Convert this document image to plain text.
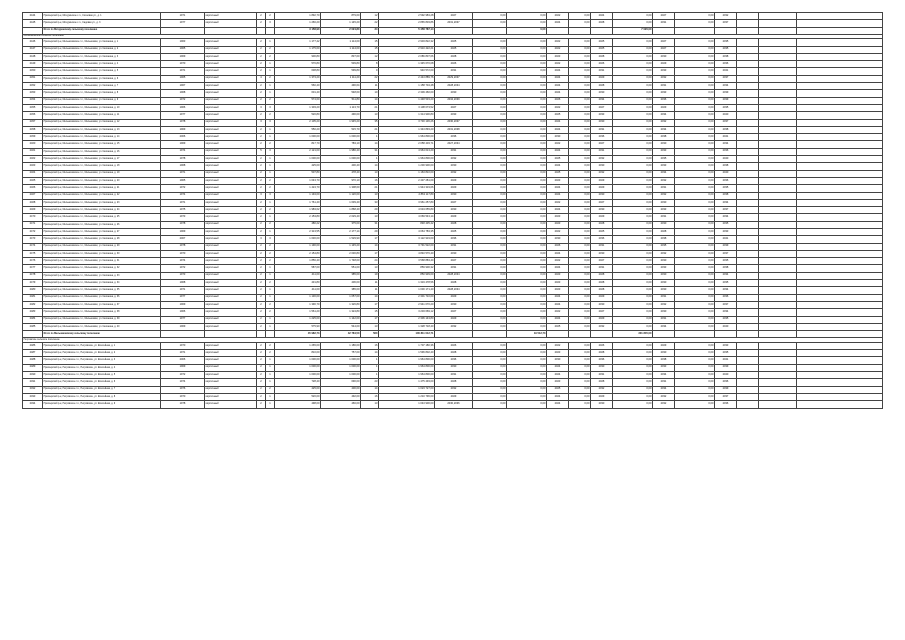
2444	Приозерский р-н, Мичуринское с.п., Сосновая ул., д. 1	1971	кирпичный	2	2	1 892,70	879,60	12	2 592 983,28	2027	0,00	0,00	2022	0,00	2024	0,00	2027	0,00	2032			
2445	Приозерский р-н, Мичуринское с.п., Садовая ул., д. 3	1977	кирпичный	2	3	1 266,20	1 145,20	22	2 865 803,86	2031,2037	0,00	0,00	2024	0,00	2028	0,00	2031	0,00	2037			
	Итого по Мичуринскому сельскому поселению					3 158,90	2 024,80	34	5 458 787,14			0,00				7 020,00						
Мельниковское сельское поселение																						
2446	Приозерский р-н, Мельниковское с.п., Мельниково, ул. Калинина, д. 1	1963	кирпичный	2	1	1 177,42	1 114,00	15	2 903 822,32	2025	0,00	0,00	2022	0,00	2025	0,00	2027	0,00	2035			
2447	Приозерский р-н, Мельниковское с.п., Мельниково, ул. Калинина, д. 2	1965	кирпичный	2	2	1 175,60	1 114,00	15	2 910 422,21	2025	0,00	0,00	2022	0,00	2025	0,00	2027	0,00	2035			
2448	Приозерский р-н, Мельниковское с.п., Мельниково, ул. Калинина, д. 3	1969	кирпичный	2	2	900,80	837,60	12	2 086 807,66	2028	0,00	0,00	2023	0,00	2028	0,00	2030	0,00	2038			
2449	Приозерский р-н, Мельниковское с.п., Мельниково, ул. Калинина, д. 4	1970	кирпичный	2	1	576,80	539,80	8	1 345 670,08	2026	0,00	0,00	2022	0,00	2026	0,00	2029	0,00	2036			
2450	Приозерский р-н, Мельниковское с.п., Мельниково, ул. Калинина, д. 5	1971	кирпичный	2	1	638,80	599,80	9	940 572,00	2031	0,00	0,00	2024	0,00	2031	0,00	2033	0,00	2041			
2451	Приозерский р-н, Мельниковское с.п., Мельниково, ул. Калинина, д. 6	1965	кирпичный	4	2	1 373,20	1 111,20	22	2 443 889,76	2029,2037	0,00	0,00	2024	0,00	2029	0,00	2032	0,00	2037			
2452	Приозерский р-н, Мельниковское с.п., Мельниково, ул. Калинина, д. 7	1967	кирпичный	2	1	560,40	490,64	11	1 158 704,48	2028,2034	0,00	0,00	2024	0,00	2028	0,00	2031	0,00	2034			
2453	Приозерский р-н, Мельниковское с.п., Мельниково, ул. Калинина, д. 8	1968	кирпичный	2	1	601,40	548,60	10	2 309 460,00	2030	0,00	0,00	2024	0,00	2030	0,00	2033	0,00	2039			
2454	Приозерский р-н, Мельниковское с.п., Мельниково, ул. Калинина, д. 9	1972	кирпичный	2	2	574,60	511,80	14	1 448 533,20	2034,2039	0,00	0,00	2026	0,00	2034	0,00	2036	0,00	2039			
2455	Приозерский р-н, Мельниковское с.п., Мельниково, ул. Калинина, д. 10	1966	кирпичный	3	3	1 303,20	1 113,70	21	3 108 073,52	2027	0,00	0,00	2022	0,00	2027	0,00	2029	0,00	2035			
2456	Приозерский р-н, Мельниковское с.п., Мельниково, ул. Калинина, д. 11	1977	кирпичный	2	2	520,80	490,00	13	1 314 900,80	2033	0,00	0,00	2025	0,00	2033	0,00	2034	0,00	2040			
2457	Приозерский р-н, Мельниковское с.п., Мельниково, ул. Калинина, д. 12	1978	кирпичный	3	3	2 105,20	1 945,20	35	3 730 136,26	2030,2037	0,00	0,00	2024	0,00	2030	0,00	2032	0,00	2037			
2458	Приозерский р-н, Мельниковское с.п., Мельниково, ул. Калинина, д. 13	1969	кирпичный	2	1	550,20	515,70	21	1 343 893,20	2031,2038	0,00	0,00	2024	0,00	2031	0,00	2034	0,00	2038			
2459	Приозерский р-н, Мельниковское с.п., Мельниково, ул. Калинина, д. 14	2006	кирпичный	2	1	1 000,00	1 000,00	1	1 964 800,00	2036	0,00	0,00	2030	0,00	2036	0,00	2038	0,00	2041			
2460	Приозерский р-н, Мельниковское с.п., Мельниково, ул. Калинина, д. 15	1969	кирпичный	2	2	817,70	783,10	14	2 058 403,71	2027,2034	0,00	0,00	2022	0,00	2027	0,00	2030	0,00	2034			
2461	Приозерский р-н, Мельниковское с.п., Мельниково, ул. Калинина, д. 16	1974	кирпичный	5	3	2 121,00	1 986,40	31	4 964 613,20	2031	0,00	0,00	2024	0,00	2031	0,00	2033	0,00	2036			
2462	Приозерский р-н, Мельниковское с.п., Мельниково, ул. Калинина, д. 17	1978	кирпичный	2	1	1 000,00	1 000,00	1	1 964 800,00	2032	0,00	0,00	2025	0,00	2032	0,00	2035	0,00	2040			
2463	Приозерский р-н, Мельниковское с.п., Мельниково, ул. Калинина, д. 18	1968	кирпичный	2	1	425,00	400,40	14	1 200 900,00	2030	0,00	0,00	2024	0,00	2030	0,00	2033	0,00	2038			
2464	Приозерский р-н, Мельниковское с.п., Мельниково, ул. Калинина, д. 19	1971	кирпичный	2	1	507,80	478,40	13	1 163 810,00	2032	0,00	0,00	2025	0,00	2032	0,00	2034	0,00	2040			
2465	Приозерский р-н, Мельниковское с.п., Мельниково, ул. Калинина, д. 20	1965	кирпичный	2	2	1 043,70	970,10	16	2 437 281,09	2029	0,00	0,00	2023	0,00	2029	0,00	2032	0,00	2036			
2466	Приозерский р-н, Мельниковское с.п., Мельниково, ул. Калинина, д. 21	1972	кирпичный	2	2	1 424,70	1 308,60	21	1 944 319,66	2029	0,00	0,00	2024	0,00	2029	0,00	2031	0,00	2035			
2467	Приозерский р-н, Мельниковское с.п., Мельниково, ул. Калинина, д. 22	1974	кирпичный	3	3	1 194,00	1 120,00	13	2 863 117,80	2030	0,00	0,00	2024	0,00	2030	0,00	2032	0,00	2038			
2468	Приозерский р-н, Мельниковское с.п., Мельниково, ул. Калинина, д. 23	1971	кирпичный	2	1	1 761,40	1 639,40	33	3 961 257,80	2027	0,00	0,00	2022	0,00	2027	0,00	2030	0,00	2034			
2469	Приозерский р-н, Мельниковское с.п., Мельниково, ул. Калинина, д. 24	1975	кирпичный	2	2	1 983,62	1 868,40	29	4 634 655,80	2030	0,00	0,00	2024	0,00	2030	0,00	2033	0,00	2037			
2470	Приозерский р-н, Мельниковское с.п., Мельниково, ул. Калинина, д. 25	1973	кирпичный	2	1	2 153,80	2 029,40	13	4 069 543,14	2029	0,00	0,00	2023	0,00	2029	0,00	2031	0,00	2034			
2471	Приозерский р-н, Мельниковское с.п., Мельниково, ул. Калинина, д. 26	1978	кирпичный	2	2	480,22	375,00	31	848 435,42	2028	0,00	0,00	2023	0,00	2028	0,00	2030	0,00	2035			
2472	Приозерский р-н, Мельниковское с.п., Мельниково, ул. Калинина, д. 27	1969	кирпичный	2	1	2 313,55	2 177,14	29	4 064 783,35	2025	0,00	0,00	2022	0,00	2025	0,00	2028	0,00	2033			
2473	Приозерский р-н, Мельниковское с.п., Мельниково, ул. Калинина, д. 28	2007	кирпичный	3	3	1 630,00	1 529,90	17	3 122 919,00	2036	0,00	0,00	2030	0,00	2036	0,00	2038	0,00	2041			
2474	Приозерский р-н, Мельниковское с.п., Мельниково, ул. Калинина, д. 29	1978	кирпичный	2	2	1 190,00	1 145,20	14	3 791 522,00	2031	0,00	0,00	2026	0,00	2031	0,00	2035	0,00	2039			
2475	Приозерский р-н, Мельниковское с.п., Мельниково, ул. Калинина, д. 30	1970	кирпичный	2	2	2 154,80	2 030,80	17	4 840 576,40	2030	0,00	0,00	2024	0,00	2030	0,00	2032	0,00	2037			
2476	Приозерский р-н, Мельниковское с.п., Мельниково, ул. Калинина, д. 31	1974	кирпичный	2	2	1 856,40	1 748,00	24	3 568 883,40	2027	0,00	0,00	2022	0,00	2027	0,00	2030	0,00	2035			
2477	Приозерский р-н, Мельниковское с.п., Мельниково, ул. Калинина, д. 32	1972	кирпичный	2	1	587,00	551,00	13	859 900,32	2031	0,00	0,00	2024	0,00	2031	0,00	2033	0,00	2038			
2478	Приозерский р-н, Мельниковское с.п., Мельниково, ул. Калинина, д. 33	1973	кирпичный	2	1	411,00	385,00	19	850 939,00	2028,2034	0,00	0,00	2023	0,00	2028	0,00	2030	0,00	2034			
2479	Приозерский р-н, Мельниковское с.п., Мельниково, ул. Калинина, д. 34	1968	кирпичный	2	2	431,80	406,00	11	1 319 478,56	2028	0,00	0,00	2023	0,00	2028	0,00	2030	0,00	2035			
2480	Приозерский р-н, Мельниковское с.п., Мельниково, ул. Калинина, д. 35	1971	кирпичный	2	1	411,00	385,00	11	1 000 171,40	2028,2034	0,00	0,00	2023	0,00	2028	0,00	2030	0,00	2034			
2481	Приозерский р-н, Мельниковское с.п., Мельниково, ул. Калинина, д. 36	1977	кирпичный	2	1	1 130,00	1 057,00	14	2 301 710,00	2029	0,00	0,00	2024	0,00	2029	0,00	2031	0,00	2036			
2482	Приозерский р-н, Мельниковское с.п., Мельниково, ул. Калинина, д. 37	1969	кирпичный	2	2	1 390,70	1 326,80	17	2 941 070,20	2030	0,00	0,00	2024	0,00	2030	0,00	2032	0,00	2037			
2483	Приозерский р-н, Мельниковское с.п., Мельниково, ул. Калинина, д. 38	1966	кирпичный	2	2	1 561,20	1 324,80	15	3 203 669,12	2027	0,00	0,00	2022	0,00	2027	0,00	2030	0,00	2034			
2484	Приозерский р-н, Мельниковское с.п., Мельниково, ул. Калинина, д. 39	1977	кирпичный	2	1	1 225,00	1 142,00	17	2 306 143,80	2029	0,00	0,00	2024	0,00	2029	0,00	2031	0,00	2035			
2485	Приозерский р-н, Мельниковское с.п., Мельниково, ул. Калинина, д. 40	1969	кирпичный	2	1	575,90	544,00	13	1 328 718,40	2032	0,00	0,00	2025	0,00	2032	0,00	2034	0,00	2040			
	Итого по Мельниковскому сельскому поселению					45 982,73	42 784,50	560	100 811 012,71			19 512,73				301 845,00						
Петровское сельское поселение																						
2486	Приозерский р-н, Петровское с.п., Петровское, ул. Шоссейная, д. 1	1970	кирпичный	2	2	1 265,00	1 186,00	16	1 707 180,36	2026	0,00	0,00	2022	0,00	2026	0,00	2029	0,00	2033			
2487	Приозерский р-н, Петровское с.п., Петровское, ул. Шоссейная, д. 2	1971	кирпичный	2	2	810,00	757,00	14	1 596 802,40	2028	0,00	0,00	2023	0,00	2028	0,00	2030	0,00	2035			
2488	Приозерский р-н, Петровское с.п., Петровское, ул. Шоссейная, д. 3	2006	кирпичный	2	1	1 000,00	1 000,00	1	1 964 800,00	2036	0,00	0,00	2030	0,00	2036	0,00	2038	0,00	2041			
2489	Приозерский р-н, Петровское с.п., Петровское, ул. Шоссейная, д. 4	1969	кирпичный	2	1	1 000,00	1 000,00	1	1 964 800,00	2030	0,00	0,00	2024	0,00	2030	0,00	2033	0,00	2039			
2490	Приозерский р-н, Петровское с.п., Петровское, ул. Шоссейная, д. 5	1972	кирпичный	2	1	1 000,00	1 000,00	1	1 964 800,00	2031	0,00	0,00	2024	0,00	2031	0,00	2034	0,00	2040			
2491	Приозерский р-н, Петровское с.п., Петровское, ул. Шоссейная, д. 6	1974	кирпичный	2	1	728,40	690,00	23	1 475 493,00	2028	0,00	0,00	2023	0,00	2028	0,00	2031	0,00	2036			
2492	Приозерский р-н, Петровское с.п., Петровское, ул. Шоссейная, д. 7	1976	кирпичный	2	2	425,00	400,00	14	1 023 727,00	2032	0,00	0,00	2025	0,00	2032	0,00	2034	0,00	2039			
2493	Приозерский р-н, Петровское с.п., Петровское, ул. Шоссейная, д. 8	1970	кирпичный	2	1	520,00	492,00	16	1 210 796,00	2029	0,00	0,00	2024	0,00	2029	0,00	2032	0,00	2037			
2494	Приозерский р-н, Петровское с.п., Петровское, ул. Шоссейная, д. 9	1978	кирпичный	2	1	498,00	466,00	13	1 043 900,00	2030,2036	0,00	0,00	2024	0,00	2030	0,00	2032	0,00	2036			
